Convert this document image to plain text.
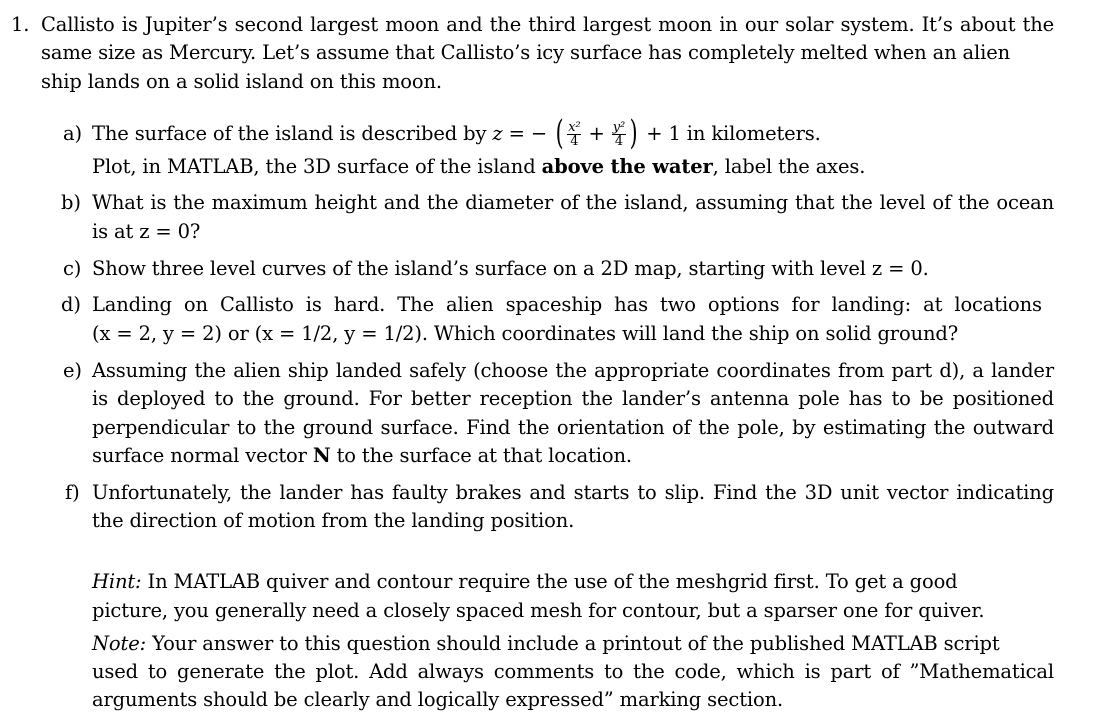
1. Callisto is Jupiter’s second largest moon and the third largest moon in our solar system. It’s about the
same size as Mercury. Let’s assume that Callisto’s icy surface has completely melted when an alien
ship lands on a solid island on this moon.
a) The surface of the island is described by z = − ( $\frac{\text{x²}}{4} + \frac{\text{y²}}{4}$ ) + 1 in kilometers.
Plot, in MATLAB, the 3D surface of the island above the water, label the axes.
b) What is the maximum height and the diameter of the island, assuming that the level of the ocean
is at z = 0?
c) Show three level curves of the island’s surface on a 2D map, starting with level z = 0.
d) Landing on Callisto is hard. The alien spaceship has two options for landing: at locations
(x = 2, y = 2) or (x = 1/2, y = 1/2). Which coordinates will land the ship on solid ground?
e) Assuming the alien ship landed safely (choose the appropriate coordinates from part d), a lander
is deployed to the ground. For better reception the lander’s antenna pole has to be positioned
perpendicular to the ground surface. Find the orientation of the pole, by estimating the outward
surface normal vector N to the surface at that location.
f) Unfortunately, the lander has faulty brakes and starts to slip. Find the 3D unit vector indicating
the direction of motion from the landing position.
Hint: In MATLAB quiver and contour require the use of the meshgrid first. To get a good
picture, you generally need a closely spaced mesh for contour, but a sparser one for quiver.
Note: Your answer to this question should include a printout of the published MATLAB script
used to generate the plot. Add always comments to the code, which is part of ”Mathematical
arguments should be clearly and logically expressed” marking section.
